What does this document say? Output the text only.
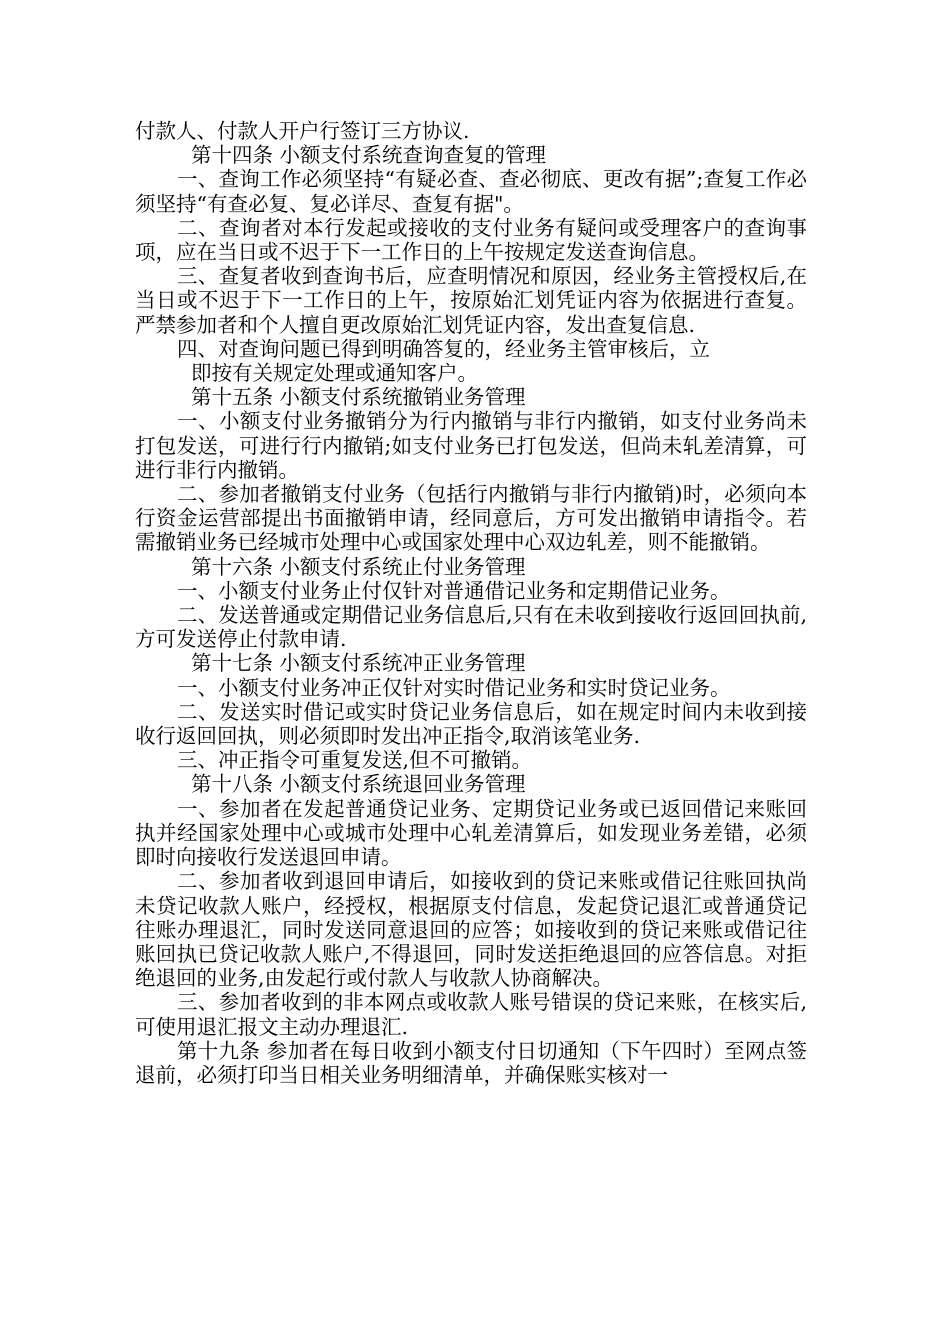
付款人、付款人开户行签订三方协议.

第十四条 小额支付系统查询查复的管理

一、查询工作必须坚持“有疑必查、查必彻底、更改有据”;查复工作必须坚持“有查必复、复必详尽、查复有据"。

二、查询者对本行发起或接收的支付业务有疑问或受理客户的查询事项，应在当日或不迟于下一工作日的上午按规定发送查询信息。

三、查复者收到查询书后，应查明情况和原因，经业务主管授权后,在当日或不迟于下一工作日的上午，按原始汇划凭证内容为依据进行查复。严禁参加者和个人擅自更改原始汇划凭证内容，发出查复信息.

四、对查询问题已得到明确答复的，经业务主管审核后，立

即按有关规定处理或通知客户。

第十五条 小额支付系统撤销业务管理

一、小额支付业务撤销分为行内撤销与非行内撤销，如支付业务尚未打包发送，可进行行内撤销;如支付业务已打包发送，但尚未轧差清算，可进行非行内撤销。

二、参加者撤销支付业务（包括行内撤销与非行内撤销)时，必须向本行资金运营部提出书面撤销申请，经同意后，方可发出撤销申请指令。若需撤销业务已经城市处理中心或国家处理中心双边轧差，则不能撤销。

第十六条 小额支付系统止付业务管理

一、小额支付业务止付仅针对普通借记业务和定期借记业务。

二、发送普通或定期借记业务信息后,只有在未收到接收行返回回执前,方可发送停止付款申请.

第十七条 小额支付系统冲正业务管理

一、小额支付业务冲正仅针对实时借记业务和实时贷记业务。

二、发送实时借记或实时贷记业务信息后，如在规定时间内未收到接收行返回回执，则必须即时发出冲正指令,取消该笔业务.

三、冲正指令可重复发送,但不可撤销。

第十八条 小额支付系统退回业务管理

一、参加者在发起普通贷记业务、定期贷记业务或已返回借记来账回执并经国家处理中心或城市处理中心轧差清算后，如发现业务差错，必须即时向接收行发送退回申请。

二、参加者收到退回申请后，如接收到的贷记来账或借记往账回执尚未贷记收款人账户，经授权，根据原支付信息，发起贷记退汇或普通贷记往账办理退汇，同时发送同意退回的应答；如接收到的贷记来账或借记往账回执已贷记收款人账户,不得退回，同时发送拒绝退回的应答信息。对拒绝退回的业务,由发起行或付款人与收款人协商解决。

三、参加者收到的非本网点或收款人账号错误的贷记来账，在核实后,可使用退汇报文主动办理退汇.

第十九条 参加者在每日收到小额支付日切通知（下午四时）至网点签退前，必须打印当日相关业务明细清单，并确保账实核对一
